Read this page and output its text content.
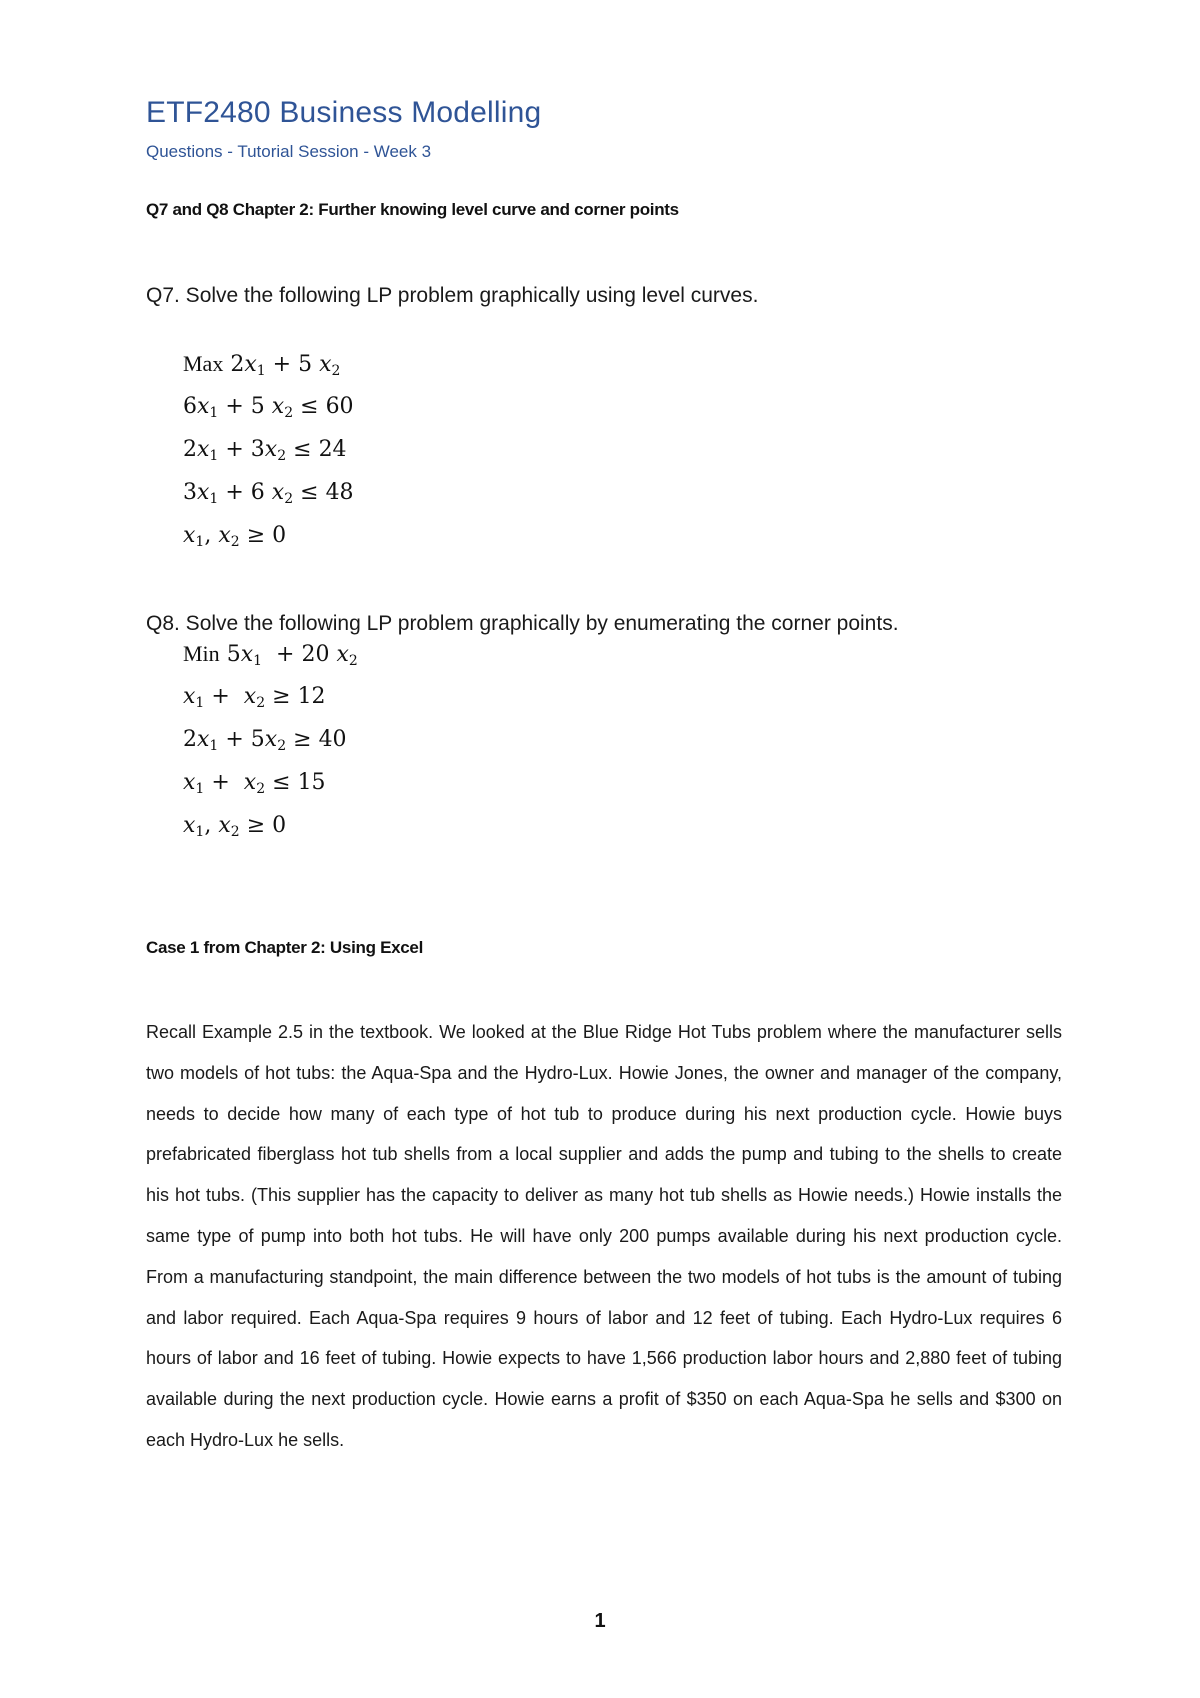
ETF2480 Business Modelling

Questions - Tutorial Session - Week 3

Q7 and Q8 Chapter 2: Further knowing level curve and corner points

Q7. Solve the following LP problem graphically using level curves.

Max $2x_1 + 5$ $x_2$
$6x_1 + 5$ $x_2 \le 60$
$2x_1 + 3x_2 \le 24$
$3x_1 + 6$ $x_2 \le 48$
$x_1$, $x_2 \ge 0$

Q8. Solve the following LP problem graphically by enumerating the corner points.

Min $5x_1 + 20$ $x_2$
$x_1 + x_2 \ge 12$
$2x_1 + 5x_2 \ge 40$
$x_1 + x_2 \le 15$
$x_1$, $x_2 \ge 0$
Case 1 from Chapter 2: Using Excel

Recall Example 2.5 in the textbook. We looked at the Blue Ridge Hot Tubs problem where the manufacturer sells two models of hot tubs: the Aqua-Spa and the Hydro-Lux. Howie Jones, the owner and manager of the company, needs to decide how many of each type of hot tub to produce during his next production cycle. Howie buys prefabricated fiberglass hot tub shells from a local supplier and adds the pump and tubing to the shells to create his hot tubs. (This supplier has the capacity to deliver as many hot tub shells as Howie needs.) Howie installs the same type of pump into both hot tubs. He will have only 200 pumps available during his next production cycle. From a manufacturing standpoint, the main difference between the two models of hot tubs is the amount of tubing and labor required. Each Aqua-Spa requires 9 hours of labor and 12 feet of tubing. Each Hydro-Lux requires 6 hours of labor and 16 feet of tubing. Howie expects to have 1,566 production labor hours and 2,880 feet of tubing available during the next production cycle. Howie earns a profit of $350 on each Aqua-Spa he sells and $300 on each Hydro-Lux he sells.

1
